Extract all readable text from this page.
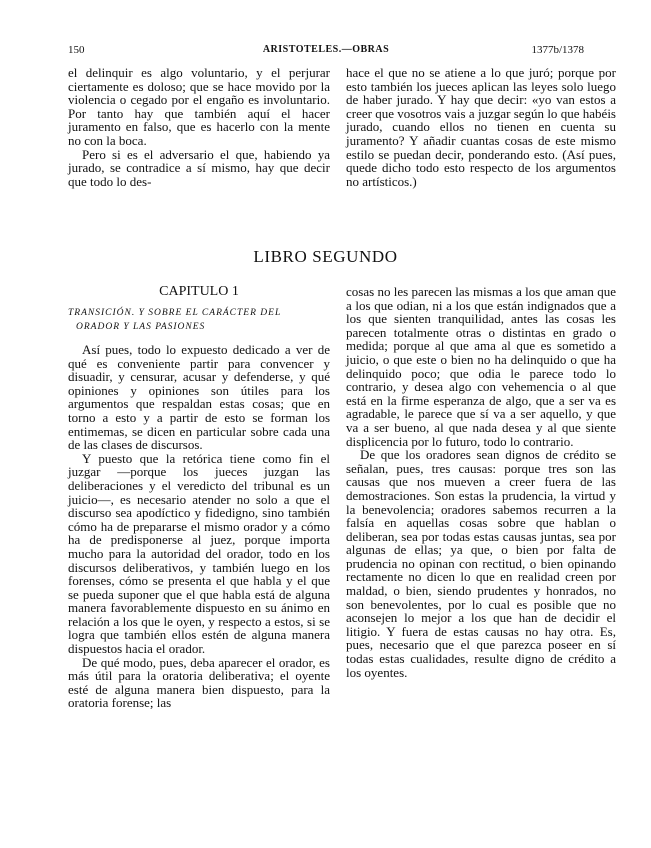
150	ARISTOTELES.—OBRAS	1377b/1378

el delinquir es algo voluntario, y el perjurar ciertamente es doloso; que se hace movido por la violencia o cegado por el engaño es involuntario. Por tanto hay que también aquí el hacer juramento en falso, que es hacerlo con la mente no con la boca.

Pero si es el adversario el que, habiendo ya jurado, se contradice a sí mismo, hay que decir que todo lo des-

hace el que no se atiene a lo que juró; porque por esto también los jueces aplican las leyes solo luego de haber jurado. Y hay que decir: «yo van estos a creer que vosotros vais a juzgar según lo que habéis jurado, cuando ellos no tienen en cuenta su juramento? Y añadir cuantas cosas de este mismo estilo se puedan decir, ponderando esto. (Así pues, quede dicho todo esto respecto de los argumentos no artísticos.)

LIBRO SEGUNDO
CAPITULO 1
TRANSICIÓN. Y SOBRE EL CARÁCTER DEL
ORADOR Y LAS PASIONES

Así pues, todo lo expuesto dedicado a ver de qué es conveniente partir para convencer y disuadir, y censurar, acusar y defenderse, y qué opiniones y opiniones son útiles para los argumentos que respaldan estas cosas; que en torno a esto y a partir de esto se forman los entimemas, se dicen en particular sobre cada una de las clases de discursos.

Y puesto que la retórica tiene como fin el juzgar —porque los jueces juzgan las deliberaciones y el veredicto del tribunal es un juicio—, es necesario atender no solo a que el discurso sea apodíctico y fidedigno, sino también cómo ha de prepararse el mismo orador y a cómo ha de predisponerse al juez, porque importa mucho para la autoridad del orador, todo en los discursos deliberativos, y también luego en los forenses, cómo se presenta el que habla y el que se pueda suponer que el que habla está de alguna manera favorablemente dispuesto en su ánimo en relación a los que le oyen, y respecto a estos, si se logra que también ellos estén de alguna manera dispuestos hacia el orador.

De qué modo, pues, deba aparecer el orador, es más útil para la oratoria deliberativa; el oyente esté de alguna manera bien dispuesto, para la oratoria forense; las

cosas no les parecen las mismas a los que aman que a los que odian, ni a los que están indignados que a los que sienten tranquilidad, antes las cosas les parecen totalmente otras o distintas en grado o medida; porque al que ama al que es sometido a juicio, o que este o bien no ha delinquido o que ha delinquido poco; que odia le parece todo lo contrario, y desea algo con vehemencia o al que está en la firme esperanza de algo, que a ser va es agradable, le parece que sí va a ser aquello, y que va a ser bueno, al que nada desea y al que siente displicencia por lo futuro, todo lo contrario.

De que los oradores sean dignos de crédito se señalan, pues, tres causas: porque tres son las causas que nos mueven a creer fuera de las demostraciones. Son estas la prudencia, la virtud y la benevolencia; oradores sabemos recurren a la falsía en aquellas cosas sobre que hablan o deliberan, sea por todas estas causas juntas, sea por algunas de ellas; ya que, o bien por falta de prudencia no opinan con rectitud, o bien opinando rectamente no dicen lo que en realidad creen por maldad, o bien, siendo prudentes y honrados, no son benevolentes, por lo cual es posible que no aconsejen lo mejor a los que han de decidir el litigio. Y fuera de estas causas no hay otra. Es, pues, necesario que el que parezca poseer en sí todas estas cualidades, resulte digno de crédito a los oyentes.
